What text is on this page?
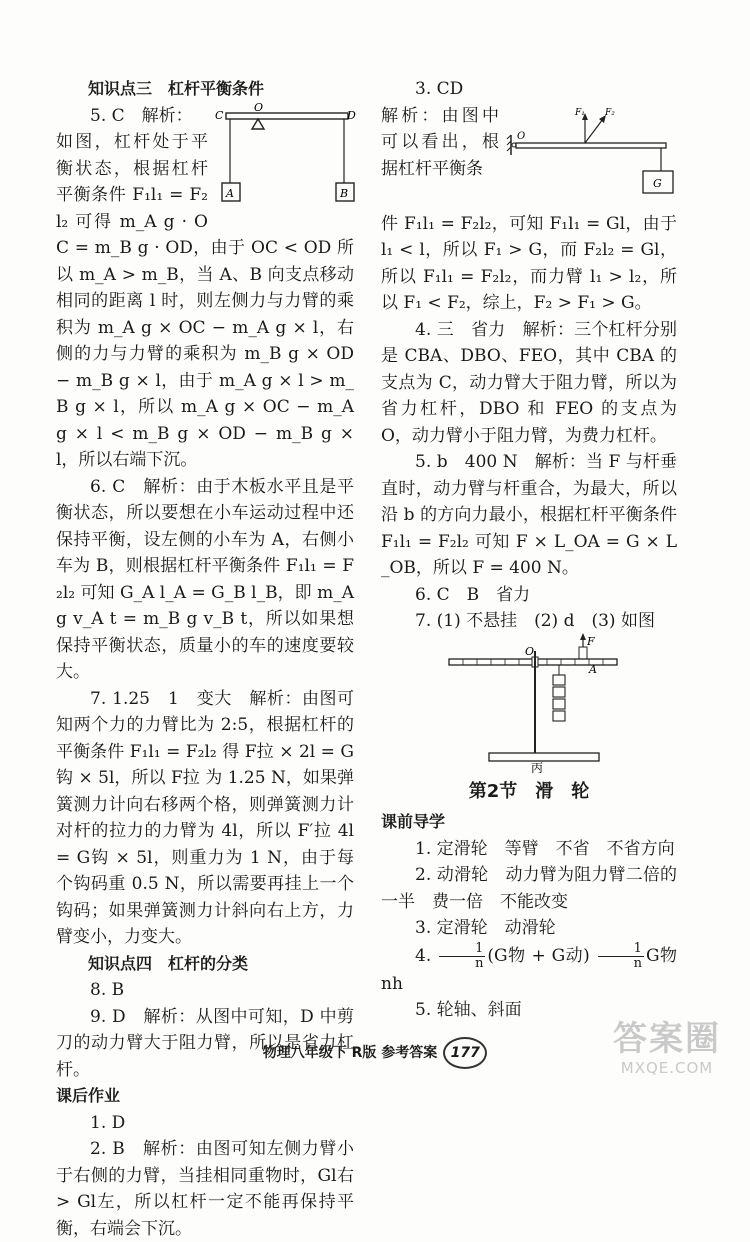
知识点三　杠杆平衡条件

C
O
D
A	B

5. C　解析：

如图，杠杆处于平衡状态，根据杠杆平衡条件 F₁l₁ = F₂l₂ 可得 m_A g · OC = m_B g · OD，由于 OC < OD 所以 m_A > m_B，当 A、B 向支点移动相同的距离 l 时，则左侧力与力臂的乘积为 m_A g × OC − m_A g × l，右侧的力与力臂的乘积为 m_B g × OD − m_B g × l，由于 m_A g × l > m_B g × l，所以 m_A g × OC − m_A g × l < m_B g × OD − m_B g × l，所以右端下沉。

6. C　解析：由于木板水平且是平衡状态，所以要想在小车运动过程中还保持平衡，设左侧的小车为 A，右侧小车为 B，则根据杠杆平衡条件 F₁l₁ = F₂l₂ 可知 G_A l_A = G_B l_B，即 m_A g v_A t = m_B g v_B t，所以如果想保持平衡状态，质量小的车的速度要较大。

7. 1.25　1　变大　解析：由图可知两个力的力臂比为 2:5，根据杠杆的平衡条件 F₁l₁ = F₂l₂ 得 F拉 × 2l = G钩 × 5l，所以 F拉 为 1.25 N，如果弹簧测力计向右移两个格，则弹簧测力计对杆的拉力的力臂为 4l，所以 F′拉 4l = G钩 × 5l，则重力为 1 N，由于每个钩码重 0.5 N，所以需要再挂上一个钩码；如果弹簧测力计斜向右上方，力臂变小，力变大。

知识点四　杠杆的分类

8. B

9. D　解析：从图中可知，D 中剪刀的动力臂大于阻力臂，所以是省力杠杆。

课后作业

1. D

2. B　解析：由图可知左侧力臂小于右侧的力臂，当挂相同重物时，Gl右 > Gl左，所以杠杆一定不能再保持平衡，右端会下沉。

3. CD

O
F₁ F₂
G

解析：由图中可以看出，根据杠杆平衡条

件 F₁l₁ = F₂l₂，可知 F₁l₁ = Gl，由于 l₁ < l，所以 F₁ > G，而 F₂l₂ = Gl，所以 F₁l₁ = F₂l₂，而力臂 l₁ > l₂，所以 F₁ < F₂，综上，F₂ > F₁ > G。

4. 三　省力　解析：三个杠杆分别是 CBA、DBO、FEO，其中 CBA 的支点为 C，动力臂大于阻力臂，所以为省力杠杆，DBO 和 FEO 的支点为 O，动力臂小于阻力臂，为费力杠杆。

5. b　400 N　解析：当 F 与杆垂直时，动力臂与杆重合，为最大，所以沿 b 的方向力最小，根据杠杆平衡条件 F₁l₁ = F₂l₂ 可知 F × L_OA = G × L_OB，所以 F = 400 N。

6. C　B　省力

7. (1) 不悬挂　(2) d　(3) 如图

F
O
A
丙

第2节　滑　轮

课前导学

1. 定滑轮　等臂　不省　不省方向

2. 动滑轮　动力臂为阻力臂二倍的　一半　费一倍　不能改变

3. 定滑轮　动滑轮

4. $\frac{1}{n} (G$物 + G动) $\frac{1}{n}$ G物　nh

5. 轮轴、斜面

物理八年级下 R版 参考答案 177	答案圈
MXQE.COM
